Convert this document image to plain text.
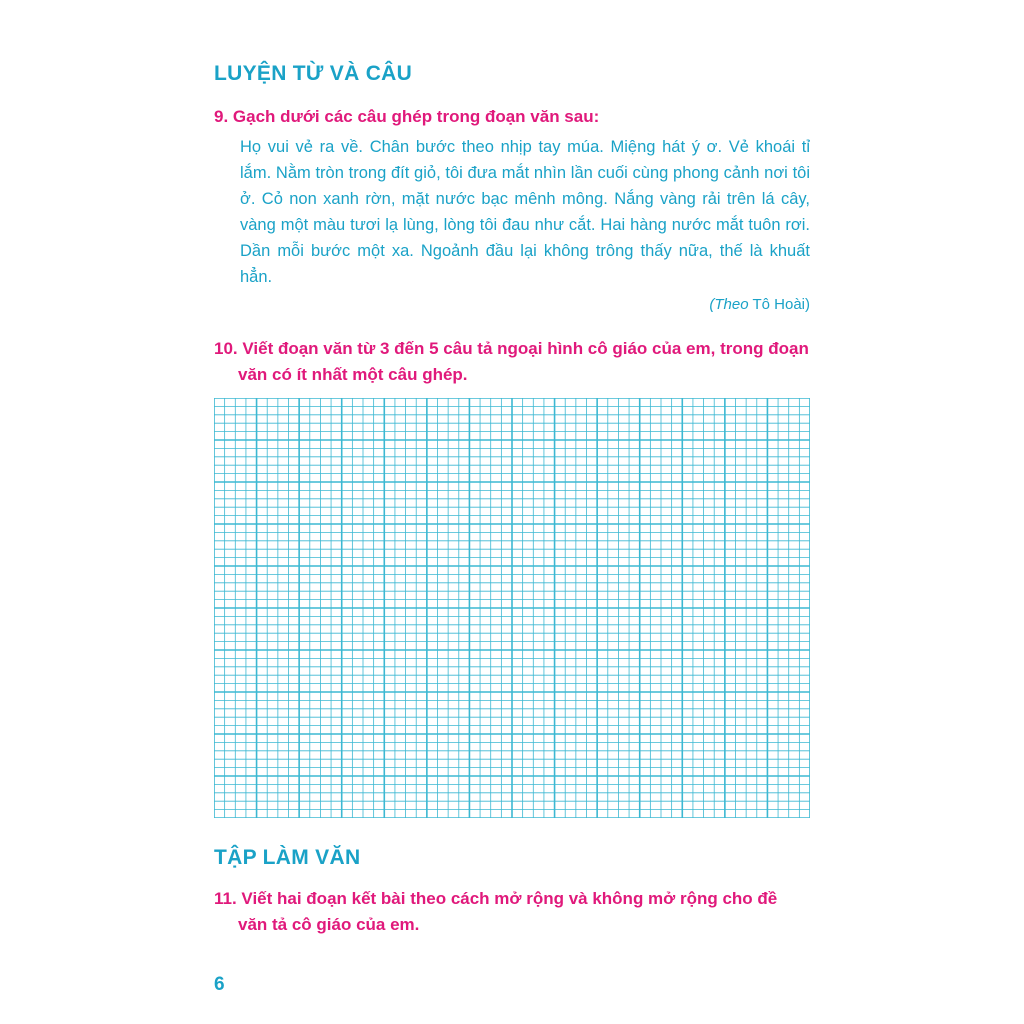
LUYỆN TỪ VÀ CÂU
9. Gạch dưới các câu ghép trong đoạn văn sau:

Họ vui vẻ ra về. Chân bước theo nhịp tay múa. Miệng hát ý ơ. Vẻ khoái tỉ lắm. Nằm tròn trong đít giỏ, tôi đưa mắt nhìn lần cuối cùng phong cảnh nơi tôi ở. Cỏ non xanh rờn, mặt nước bạc mênh mông. Nắng vàng rải trên lá cây, vàng một màu tươi lạ lùng, lòng tôi đau như cắt. Hai hàng nước mắt tuôn rơi. Dần mỗi bước một xa. Ngoảnh đầu lại không trông thấy nữa, thế là khuất hẳn.

(Theo Tô Hoài)
10. Viết đoạn văn từ 3 đến 5 câu tả ngoại hình cô giáo của em, trong đoạn văn có ít nhất một câu ghép.
TẬP LÀM VĂN
11. Viết hai đoạn kết bài theo cách mở rộng và không mở rộng cho đề văn tả cô giáo của em.
6
